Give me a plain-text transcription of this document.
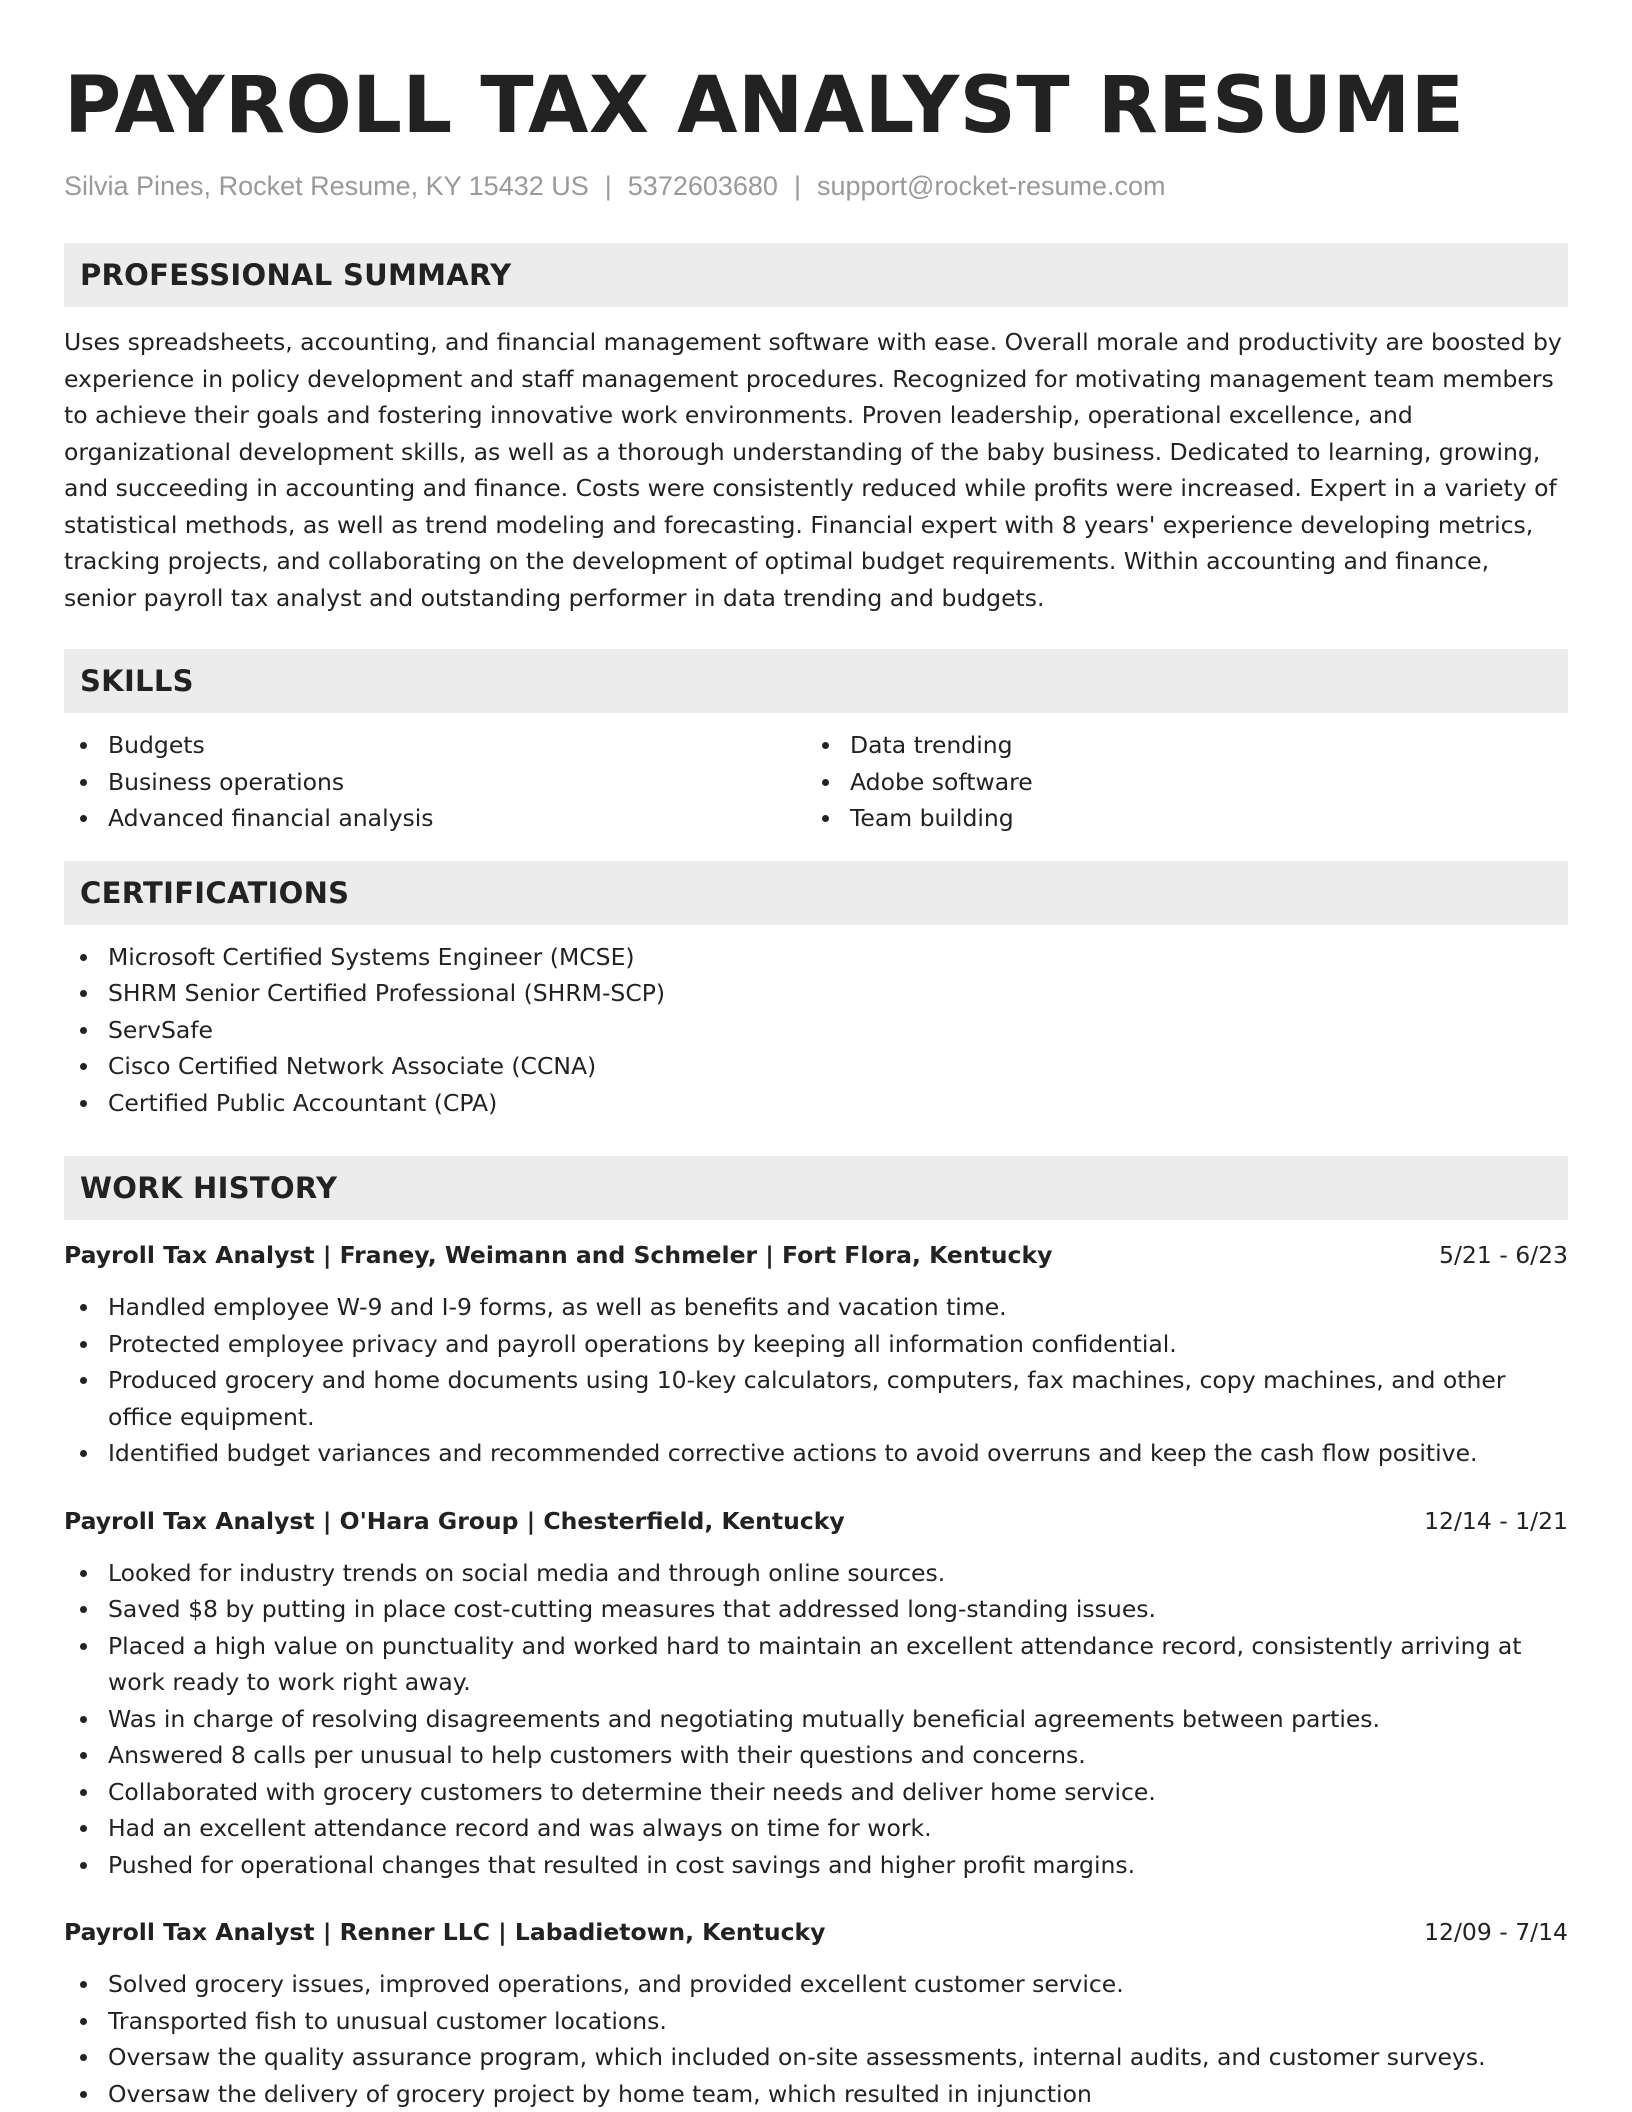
PAYROLL TAX ANALYST RESUME
Silvia Pines, Rocket Resume, KY 15432 US | 5372603680 | support@rocket-resume.com
PROFESSIONAL SUMMARY

Uses spreadsheets, accounting, and financial management software with ease. Overall morale and productivity are boosted by experience in policy development and staff management procedures. Recognized for motivating management team members to achieve their goals and fostering innovative work environments. Proven leadership, operational excellence, and organizational development skills, as well as a thorough understanding of the baby business. Dedicated to learning, growing, and succeeding in accounting and finance. Costs were consistently reduced while profits were increased. Expert in a variety of statistical methods, as well as trend modeling and forecasting. Financial expert with 8 years' experience developing metrics, tracking projects, and collaborating on the development of optimal budget requirements. Within accounting and finance, senior payroll tax analyst and outstanding performer in data trending and budgets.

SKILLS
Budgets
Business operations
Advanced financial analysis
Data trending
Adobe software
Team building
CERTIFICATIONS
Microsoft Certified Systems Engineer (MCSE)
SHRM Senior Certified Professional (SHRM-SCP)
ServSafe
Cisco Certified Network Associate (CCNA)
Certified Public Accountant (CPA)
WORK HISTORY
Payroll Tax Analyst | Franey, Weimann and Schmeler | Fort Flora, Kentucky	5/21 - 6/23
Handled employee W-9 and I-9 forms, as well as benefits and vacation time.
Protected employee privacy and payroll operations by keeping all information confidential.
Produced grocery and home documents using 10-key calculators, computers, fax machines, copy machines, and other office equipment.
Identified budget variances and recommended corrective actions to avoid overruns and keep the cash flow positive.
Payroll Tax Analyst | O'Hara Group | Chesterfield, Kentucky	12/14 - 1/21
Looked for industry trends on social media and through online sources.
Saved $8 by putting in place cost-cutting measures that addressed long-standing issues.
Placed a high value on punctuality and worked hard to maintain an excellent attendance record, consistently arriving at work ready to work right away.
Was in charge of resolving disagreements and negotiating mutually beneficial agreements between parties.
Answered 8 calls per unusual to help customers with their questions and concerns.
Collaborated with grocery customers to determine their needs and deliver home service.
Had an excellent attendance record and was always on time for work.
Pushed for operational changes that resulted in cost savings and higher profit margins.
Payroll Tax Analyst | Renner LLC | Labadietown, Kentucky	12/09 - 7/14
Solved grocery issues, improved operations, and provided excellent customer service.
Transported fish to unusual customer locations.
Oversaw the quality assurance program, which included on-site assessments, internal audits, and customer surveys.
Oversaw the delivery of grocery project by home team, which resulted in injunction
